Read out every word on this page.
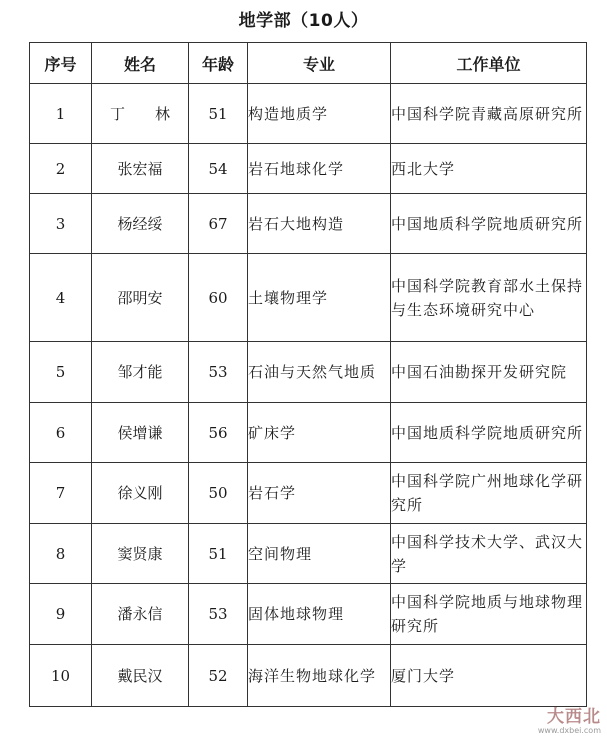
地学部（10人）
序号	姓名	年龄	专业	工作单位
1	丁　　林	51	构造地质学	中国科学院青藏高原研究所
2	张宏福	54	岩石地球化学	西北大学
3	杨经绥	67	岩石大地构造	中国地质科学院地质研究所
4	邵明安	60	土壤物理学	中国科学院教育部水土保持与生态环境研究中心
5	邹才能	53	石油与天然气地质	中国石油勘探开发研究院
6	侯增谦	56	矿床学	中国地质科学院地质研究所
7	徐义刚	50	岩石学	中国科学院广州地球化学研究所
8	窦贤康	51	空间物理	中国科学技术大学、武汉大学
9	潘永信	53	固体地球物理	中国科学院地质与地球物理研究所
10	戴民汉	52	海洋生物地球化学	厦门大学
大西北
www.dxbei.com
